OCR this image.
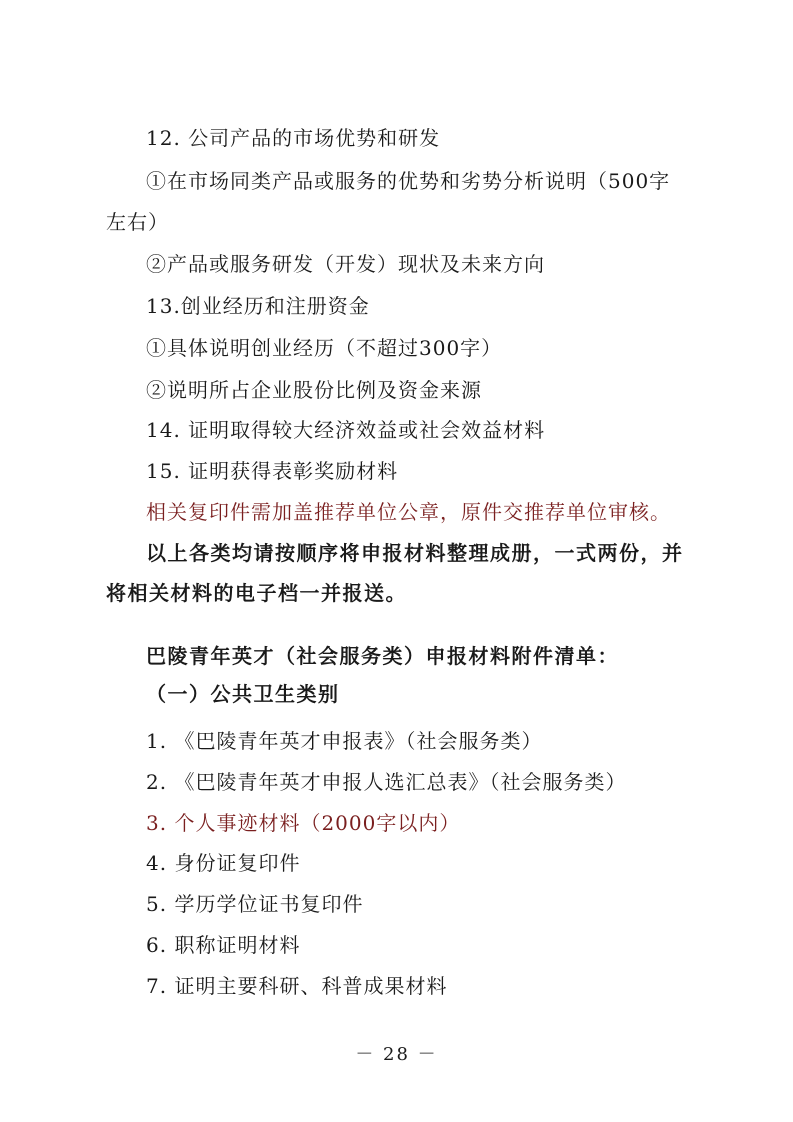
12. 公司产品的市场优势和研发
①在市场同类产品或服务的优势和劣势分析说明（500字
左右）
②产品或服务研发（开发）现状及未来方向
13.创业经历和注册资金
①具体说明创业经历（不超过300字）
②说明所占企业股份比例及资金来源
14. 证明取得较大经济效益或社会效益材料
15. 证明获得表彰奖励材料
相关复印件需加盖推荐单位公章，原件交推荐单位审核。
以上各类均请按顺序将申报材料整理成册，一式两份，并
将相关材料的电子档一并报送。
巴陵青年英才（社会服务类）申报材料附件清单：
（一）公共卫生类别
1. 《巴陵青年英才申报表》（社会服务类）
2. 《巴陵青年英才申报人选汇总表》（社会服务类）
3. 个人事迹材料（2000字以内）
4. 身份证复印件
5. 学历学位证书复印件
6. 职称证明材料
7. 证明主要科研、科普成果材料
－ 28 －
